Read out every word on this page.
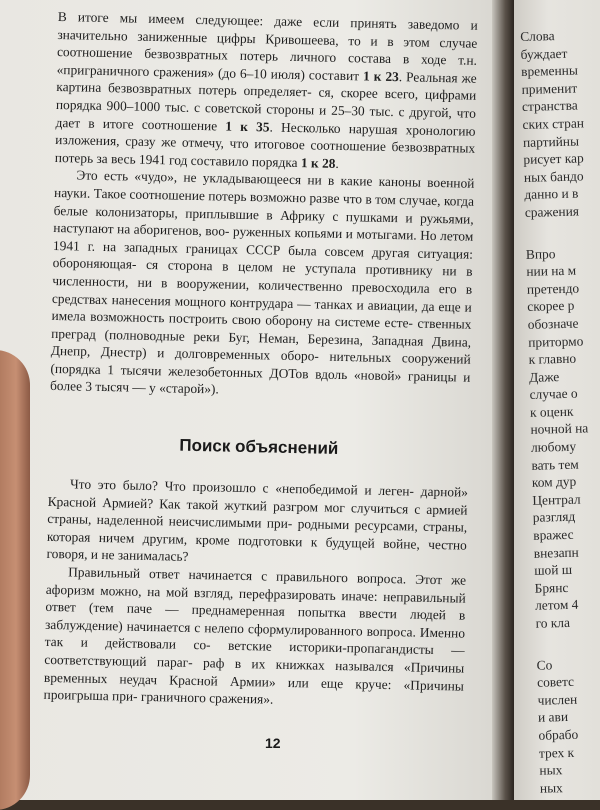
В итоге мы имеем следующее: даже если принять заведомо и значительно заниженные цифры Кривошеева, то и в этом случае соотношение безвозвратных потерь личного состава в ходе т.н. «приграничного сражения» (до 6–10 июля) составит 1 к 23. Реальная же картина безвозвратных потерь определяет- ся, скорее всего, цифрами порядка 900–1000 тыс. с советской стороны и 25–30 тыс. с другой, что дает в итоге соотношение 1 к 35. Несколько нарушая хронологию изложения, сразу же отмечу, что итоговое соотношение безвозвратных потерь за весь 1941 год составило порядка 1 к 28.

Это есть «чудо», не укладывающееся ни в какие каноны военной науки. Такое соотношение потерь возможно разве что в том случае, когда белые колонизаторы, приплывшие в Африку с пушками и ружьями, наступают на аборигенов, воо- руженных копьями и мотыгами. Но летом 1941 г. на западных границах СССР была совсем другая ситуация: обороняющая- ся сторона в целом не уступала противнику ни в численности, ни в вооружении, количественно превосходила его в средствах нанесения мощного контрудара — танках и авиации, да еще и имела возможность построить свою оборону на системе есте- ственных преград (полноводные реки Буг, Неман, Березина, Западная Двина, Днепр, Днестр) и долговременных оборо- нительных сооружений (порядка 1 тысячи железобетонных ДОТов вдоль «новой» границы и более 3 тысяч — у «старой»).

Поиск объяснений

Что это было? Что произошло с «непобедимой и леген- дарной» Красной Армией? Как такой жуткий разгром мог случиться с армией страны, наделенной неисчислимыми при- родными ресурсами, страны, которая ничем другим, кроме подготовки к будущей войне, честно говоря, и не занималась?

Правильный ответ начинается с правильного вопроса. Этот же афоризм можно, на мой взгляд, перефразировать иначе: неправильный ответ (тем паче — преднамеренная попытка ввести людей в заблуждение) начинается с нелепо сформулированного вопроса. Именно так и действовали со- ветские историки-пропагандисты — соответствующий параг- раф в их книжках назывался «Причины временных неудач Красной Армии» или еще круче: «Причины проигрыша при- граничного сражения».

12
Слова
буждает
временны
применит
странства
ских стран
партийны
рисует кар
ных бандо
данно и в
сражения
Впро
нии на м
претендо
скорее р
обозначе
притормо
к главно
Даже
случае о
к оценк
ночной на
любому
вать тем
ком дур
Централ
разгляд
вражес
внезапн
шой ш
Брянс
летом 4
го кла
Со
советс
числен
и ави
обрабо
трех к
ных
ных
